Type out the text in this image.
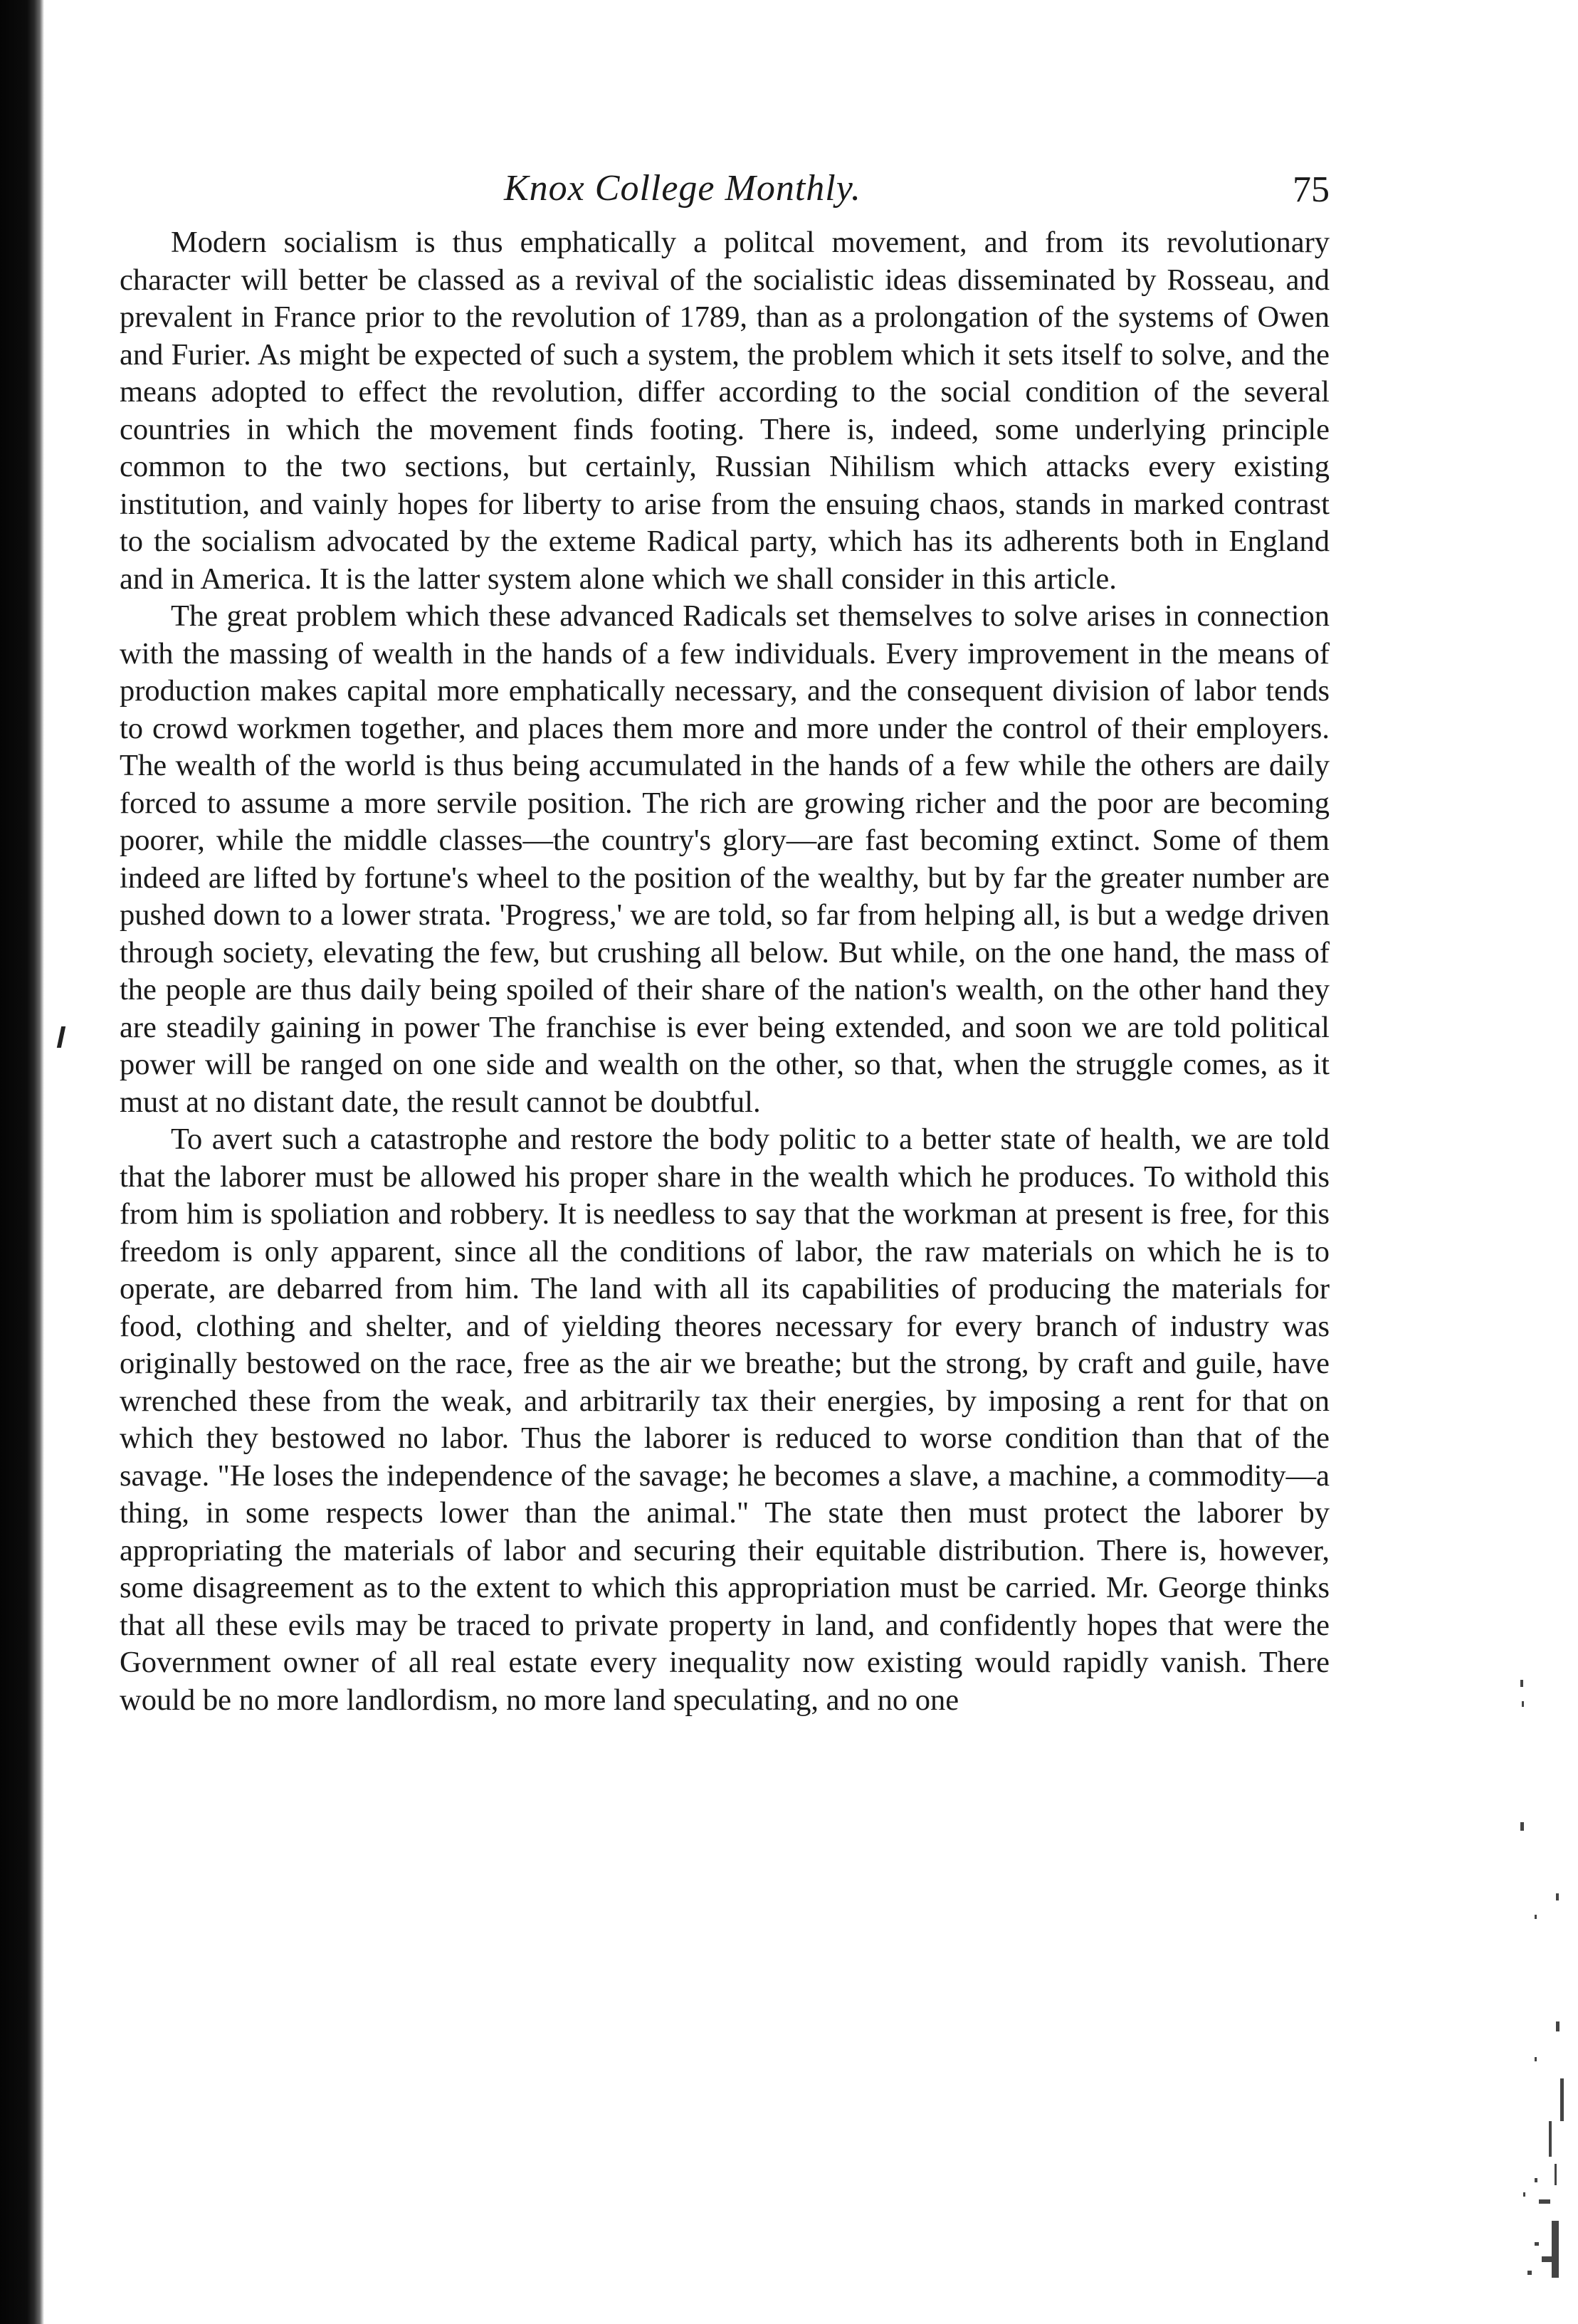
Knox College Monthly.	75

Modern socialism is thus emphatically a politcal movement, and from its revolutionary character will better be classed as a revival of the socialistic ideas disseminated by Rosseau, and prevalent in France prior to the revolution of 1789, than as a prolongation of the systems of Owen and Furier. As might be expected of such a system, the problem which it sets itself to solve, and the means adopted to effect the revolution, differ according to the social condition of the several countries in which the movement finds footing. There is, indeed, some underlying principle common to the two sections, but certainly, Russian Nihilism which attacks every existing institution, and vainly hopes for liberty to arise from the ensuing chaos, stands in marked contrast to the socialism advocated by the exteme Radical party, which has its adherents both in England and in America. It is the latter system alone which we shall consider in this article.

The great problem which these advanced Radicals set themselves to solve arises in connection with the massing of wealth in the hands of a few individuals. Every improvement in the means of production makes capital more emphatically necessary, and the consequent division of labor tends to crowd workmen together, and places them more and more under the control of their employers. The wealth of the world is thus being accumulated in the hands of a few while the others are daily forced to assume a more servile position. The rich are growing richer and the poor are becoming poorer, while the middle classes—the country's glory—are fast becoming extinct. Some of them indeed are lifted by fortune's wheel to the position of the wealthy, but by far the greater number are pushed down to a lower strata. 'Progress,' we are told, so far from helping all, is but a wedge driven through society, elevating the few, but crushing all below. But while, on the one hand, the mass of the people are thus daily being spoiled of their share of the nation's wealth, on the other hand they are steadily gaining in power The franchise is ever being extended, and soon we are told political power will be ranged on one side and wealth on the other, so that, when the struggle comes, as it must at no distant date, the result cannot be doubtful.

To avert such a catastrophe and restore the body politic to a better state of health, we are told that the laborer must be allowed his proper share in the wealth which he produces. To withold this from him is spoliation and robbery. It is needless to say that the workman at present is free, for this freedom is only apparent, since all the conditions of labor, the raw materials on which he is to operate, are debarred from him. The land with all its capabilities of producing the materials for food, clothing and shelter, and of yielding theores necessary for every branch of industry was originally bestowed on the race, free as the air we breathe; but the strong, by craft and guile, have wrenched these from the weak, and arbitrarily tax their energies, by imposing a rent for that on which they bestowed no labor. Thus the laborer is reduced to worse condition than that of the savage. "He loses the independence of the savage; he becomes a slave, a machine, a commodity—a thing, in some respects lower than the animal." The state then must protect the laborer by appropriating the materials of labor and securing their equitable distribution. There is, however, some disagreement as to the extent to which this appropriation must be carried. Mr. George thinks that all these evils may be traced to private property in land, and confidently hopes that were the Government owner of all real estate every inequality now existing would rapidly vanish. There would be no more landlordism, no more land speculating, and no one
